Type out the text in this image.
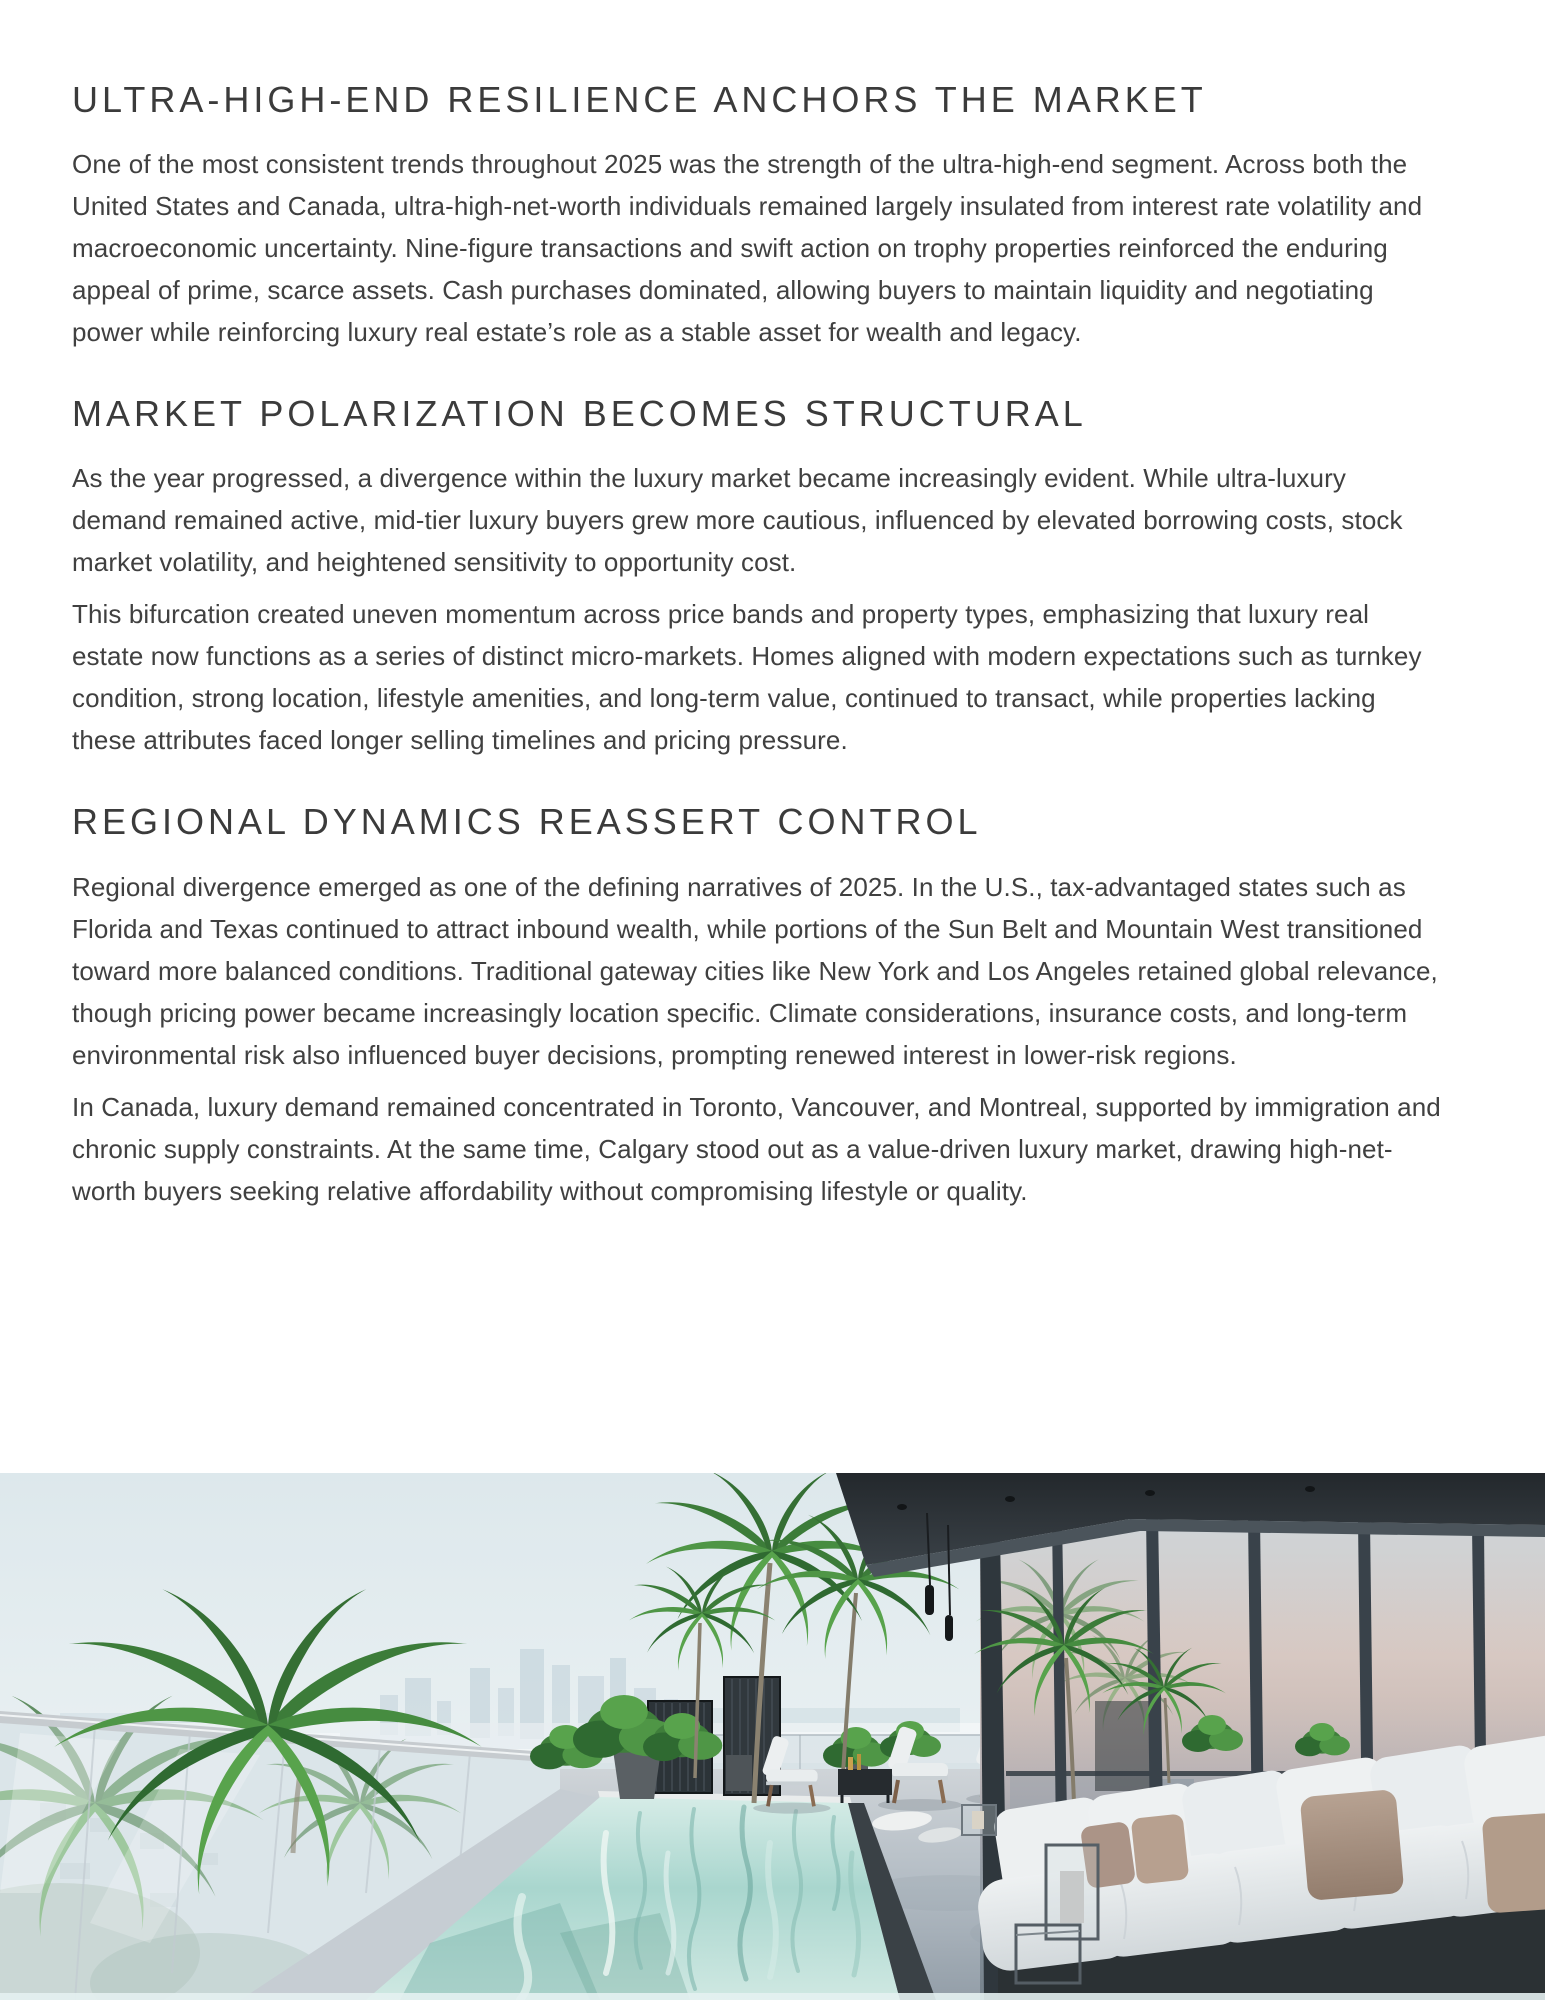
ULTRA-HIGH-END RESILIENCE ANCHORS THE MARKET

One of the most consistent trends throughout 2025 was the strength of the ultra-high-end segment. Across both the United States and Canada, ultra-high-net-worth individuals remained largely insulated from interest rate volatility and macroeconomic uncertainty. Nine-figure transactions and swift action on trophy properties reinforced the enduring appeal of prime, scarce assets. Cash purchases dominated, allowing buyers to maintain liquidity and negotiating power while reinforcing luxury real estate’s role as a stable asset for wealth and legacy.

MARKET POLARIZATION BECOMES STRUCTURAL

As the year progressed, a divergence within the luxury market became increasingly evident. While ultra-luxury demand remained active, mid-tier luxury buyers grew more cautious, influenced by elevated borrowing costs, stock market volatility, and heightened sensitivity to opportunity cost.

This bifurcation created uneven momentum across price bands and property types, emphasizing that luxury real estate now functions as a series of distinct micro-markets. Homes aligned with modern expectations such as turnkey condition, strong location, lifestyle amenities, and long-term value, continued to transact, while properties lacking these attributes faced longer selling timelines and pricing pressure.

REGIONAL DYNAMICS REASSERT CONTROL

Regional divergence emerged as one of the defining narratives of 2025. In the U.S., tax-advantaged states such as Florida and Texas continued to attract inbound wealth, while portions of the Sun Belt and Mountain West transitioned toward more balanced conditions. Traditional gateway cities like New York and Los Angeles retained global relevance, though pricing power became increasingly location specific. Climate considerations, insurance costs, and long-term environmental risk also influenced buyer decisions, prompting renewed interest in lower-risk regions.

In Canada, luxury demand remained concentrated in Toronto, Vancouver, and Montreal, supported by immigration and chronic supply constraints. At the same time, Calgary stood out as a value-driven luxury market, drawing high-net-worth buyers seeking relative affordability without compromising lifestyle or quality.
